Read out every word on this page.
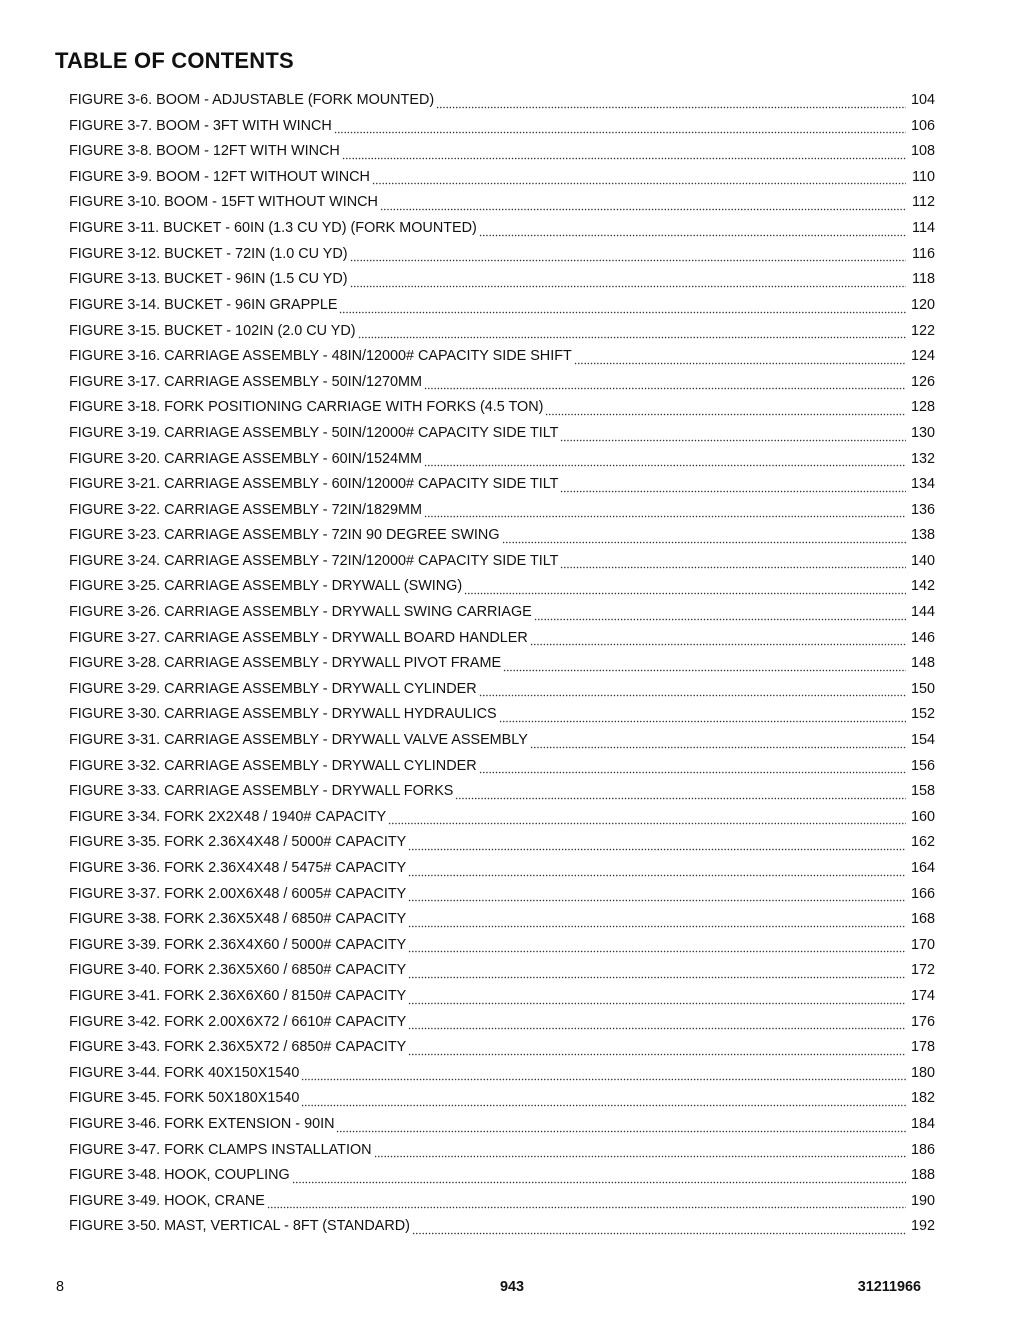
TABLE OF CONTENTS
FIGURE 3-6. BOOM - ADJUSTABLE (FORK MOUNTED)	104
FIGURE 3-7. BOOM - 3FT WITH WINCH	106
FIGURE 3-8. BOOM - 12FT WITH WINCH	108
FIGURE 3-9. BOOM - 12FT WITHOUT WINCH	110
FIGURE 3-10. BOOM - 15FT WITHOUT WINCH	112
FIGURE 3-11. BUCKET - 60IN (1.3 CU YD) (FORK MOUNTED)	114
FIGURE 3-12. BUCKET - 72IN (1.0 CU YD)	116
FIGURE 3-13. BUCKET - 96IN (1.5 CU YD)	118
FIGURE 3-14. BUCKET - 96IN GRAPPLE	120
FIGURE 3-15. BUCKET - 102IN (2.0 CU YD)	122
FIGURE 3-16. CARRIAGE ASSEMBLY - 48IN/12000# CAPACITY SIDE SHIFT	124
FIGURE 3-17. CARRIAGE ASSEMBLY - 50IN/1270MM	126
FIGURE 3-18. FORK POSITIONING CARRIAGE WITH FORKS (4.5 TON)	128
FIGURE 3-19. CARRIAGE ASSEMBLY - 50IN/12000# CAPACITY SIDE TILT	130
FIGURE 3-20. CARRIAGE ASSEMBLY - 60IN/1524MM	132
FIGURE 3-21. CARRIAGE ASSEMBLY - 60IN/12000# CAPACITY SIDE TILT	134
FIGURE 3-22. CARRIAGE ASSEMBLY - 72IN/1829MM	136
FIGURE 3-23. CARRIAGE ASSEMBLY - 72IN 90 DEGREE SWING	138
FIGURE 3-24. CARRIAGE ASSEMBLY - 72IN/12000# CAPACITY SIDE TILT	140
FIGURE 3-25. CARRIAGE ASSEMBLY - DRYWALL (SWING)	142
FIGURE 3-26. CARRIAGE ASSEMBLY - DRYWALL SWING CARRIAGE	144
FIGURE 3-27. CARRIAGE ASSEMBLY - DRYWALL BOARD HANDLER	146
FIGURE 3-28. CARRIAGE ASSEMBLY - DRYWALL PIVOT FRAME	148
FIGURE 3-29. CARRIAGE ASSEMBLY - DRYWALL CYLINDER	150
FIGURE 3-30. CARRIAGE ASSEMBLY - DRYWALL HYDRAULICS	152
FIGURE 3-31. CARRIAGE ASSEMBLY - DRYWALL VALVE ASSEMBLY	154
FIGURE 3-32. CARRIAGE ASSEMBLY - DRYWALL CYLINDER	156
FIGURE 3-33. CARRIAGE ASSEMBLY - DRYWALL FORKS	158
FIGURE 3-34. FORK 2X2X48 / 1940# CAPACITY	160
FIGURE 3-35. FORK 2.36X4X48 / 5000# CAPACITY	162
FIGURE 3-36. FORK 2.36X4X48 / 5475# CAPACITY	164
FIGURE 3-37. FORK 2.00X6X48 / 6005# CAPACITY	166
FIGURE 3-38. FORK 2.36X5X48 / 6850# CAPACITY	168
FIGURE 3-39. FORK 2.36X4X60 / 5000# CAPACITY	170
FIGURE 3-40. FORK 2.36X5X60 / 6850# CAPACITY	172
FIGURE 3-41. FORK 2.36X6X60 / 8150# CAPACITY	174
FIGURE 3-42. FORK 2.00X6X72 / 6610# CAPACITY	176
FIGURE 3-43. FORK 2.36X5X72 / 6850# CAPACITY	178
FIGURE 3-44. FORK 40X150X1540	180
FIGURE 3-45. FORK 50X180X1540	182
FIGURE 3-46. FORK EXTENSION - 90IN	184
FIGURE 3-47. FORK CLAMPS INSTALLATION	186
FIGURE 3-48. HOOK, COUPLING	188
FIGURE 3-49. HOOK, CRANE	190
FIGURE 3-50. MAST, VERTICAL - 8FT (STANDARD)	192
8	943	31211966
